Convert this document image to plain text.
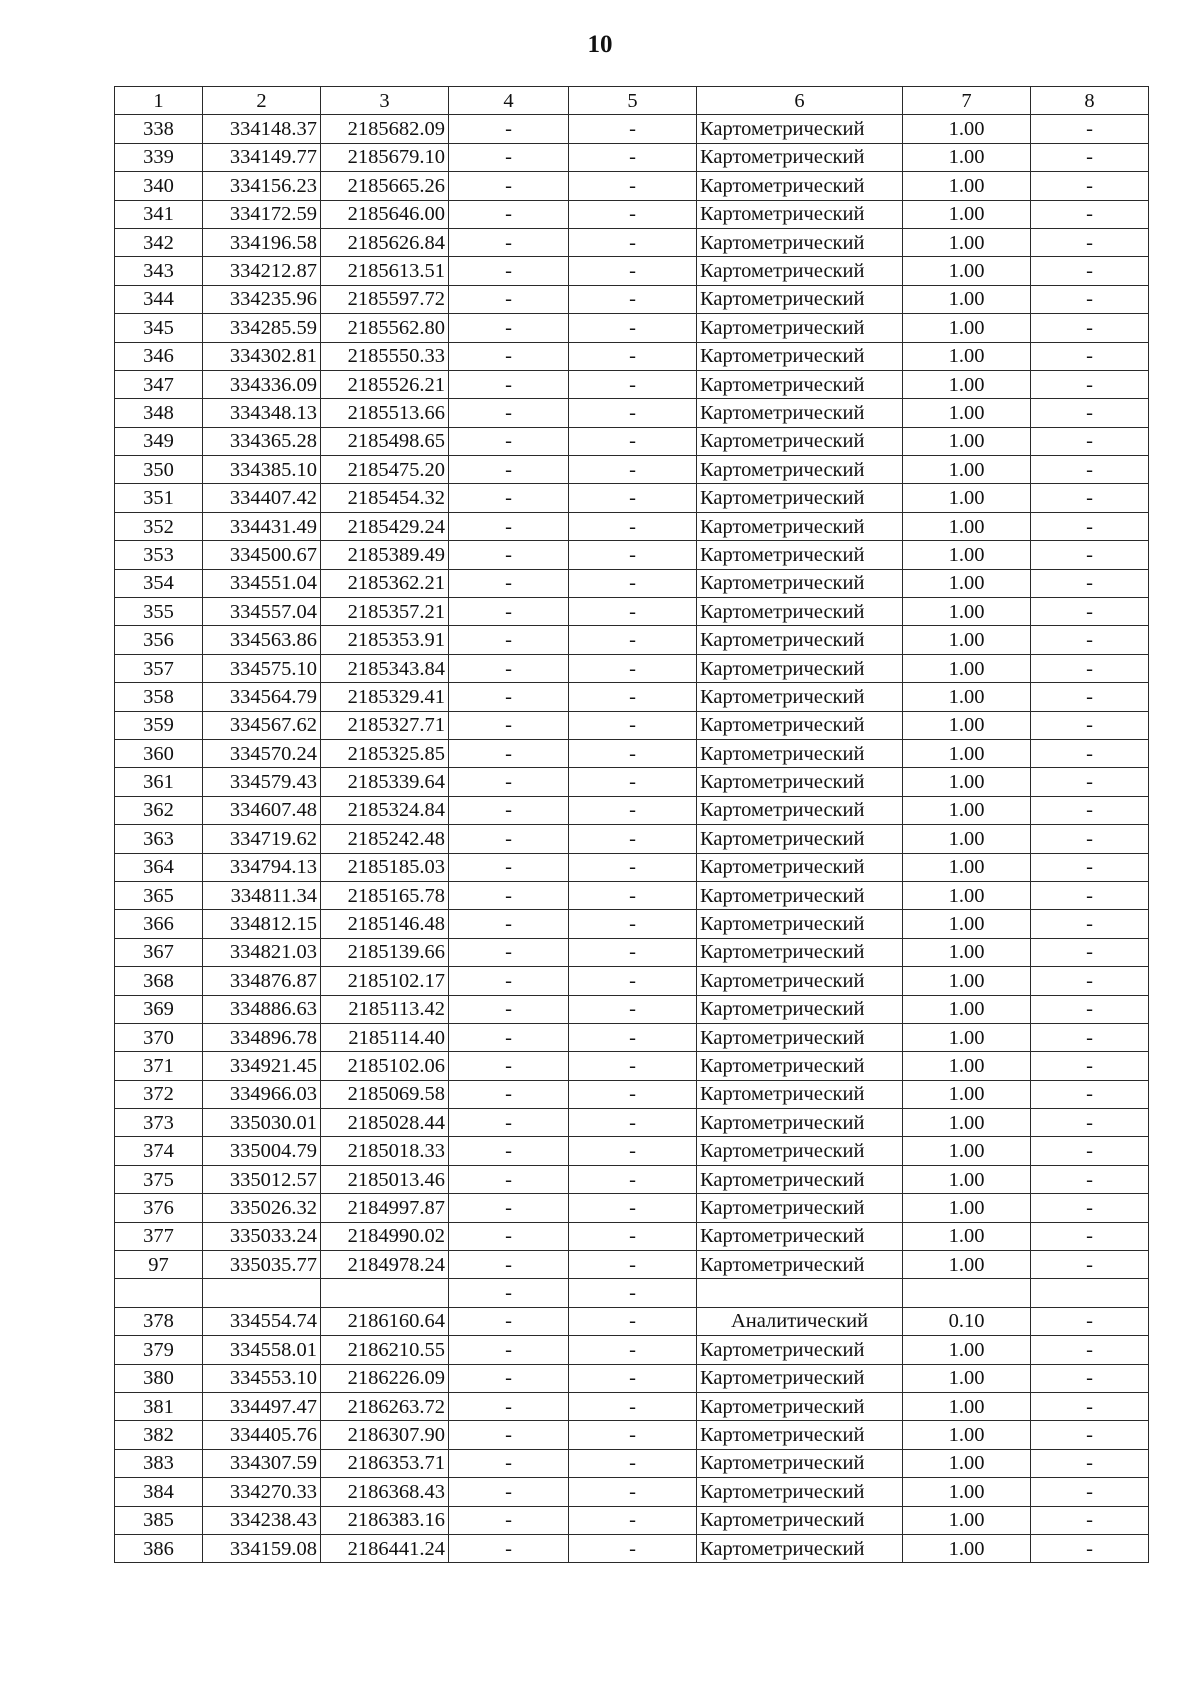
10
1	2	3	4	5	6	7	8
338	334148.37	2185682.09	-	-	Картометрический	1.00	-
339	334149.77	2185679.10	-	-	Картометрический	1.00	-
340	334156.23	2185665.26	-	-	Картометрический	1.00	-
341	334172.59	2185646.00	-	-	Картометрический	1.00	-
342	334196.58	2185626.84	-	-	Картометрический	1.00	-
343	334212.87	2185613.51	-	-	Картометрический	1.00	-
344	334235.96	2185597.72	-	-	Картометрический	1.00	-
345	334285.59	2185562.80	-	-	Картометрический	1.00	-
346	334302.81	2185550.33	-	-	Картометрический	1.00	-
347	334336.09	2185526.21	-	-	Картометрический	1.00	-
348	334348.13	2185513.66	-	-	Картометрический	1.00	-
349	334365.28	2185498.65	-	-	Картометрический	1.00	-
350	334385.10	2185475.20	-	-	Картометрический	1.00	-
351	334407.42	2185454.32	-	-	Картометрический	1.00	-
352	334431.49	2185429.24	-	-	Картометрический	1.00	-
353	334500.67	2185389.49	-	-	Картометрический	1.00	-
354	334551.04	2185362.21	-	-	Картометрический	1.00	-
355	334557.04	2185357.21	-	-	Картометрический	1.00	-
356	334563.86	2185353.91	-	-	Картометрический	1.00	-
357	334575.10	2185343.84	-	-	Картометрический	1.00	-
358	334564.79	2185329.41	-	-	Картометрический	1.00	-
359	334567.62	2185327.71	-	-	Картометрический	1.00	-
360	334570.24	2185325.85	-	-	Картометрический	1.00	-
361	334579.43	2185339.64	-	-	Картометрический	1.00	-
362	334607.48	2185324.84	-	-	Картометрический	1.00	-
363	334719.62	2185242.48	-	-	Картометрический	1.00	-
364	334794.13	2185185.03	-	-	Картометрический	1.00	-
365	334811.34	2185165.78	-	-	Картометрический	1.00	-
366	334812.15	2185146.48	-	-	Картометрический	1.00	-
367	334821.03	2185139.66	-	-	Картометрический	1.00	-
368	334876.87	2185102.17	-	-	Картометрический	1.00	-
369	334886.63	2185113.42	-	-	Картометрический	1.00	-
370	334896.78	2185114.40	-	-	Картометрический	1.00	-
371	334921.45	2185102.06	-	-	Картометрический	1.00	-
372	334966.03	2185069.58	-	-	Картометрический	1.00	-
373	335030.01	2185028.44	-	-	Картометрический	1.00	-
374	335004.79	2185018.33	-	-	Картометрический	1.00	-
375	335012.57	2185013.46	-	-	Картометрический	1.00	-
376	335026.32	2184997.87	-	-	Картометрический	1.00	-
377	335033.24	2184990.02	-	-	Картометрический	1.00	-
97	335035.77	2184978.24	-	-	Картометрический	1.00	-
			-	-			
378	334554.74	2186160.64	-	-	Аналитический	0.10	-
379	334558.01	2186210.55	-	-	Картометрический	1.00	-
380	334553.10	2186226.09	-	-	Картометрический	1.00	-
381	334497.47	2186263.72	-	-	Картометрический	1.00	-
382	334405.76	2186307.90	-	-	Картометрический	1.00	-
383	334307.59	2186353.71	-	-	Картометрический	1.00	-
384	334270.33	2186368.43	-	-	Картометрический	1.00	-
385	334238.43	2186383.16	-	-	Картометрический	1.00	-
386	334159.08	2186441.24	-	-	Картометрический	1.00	-
